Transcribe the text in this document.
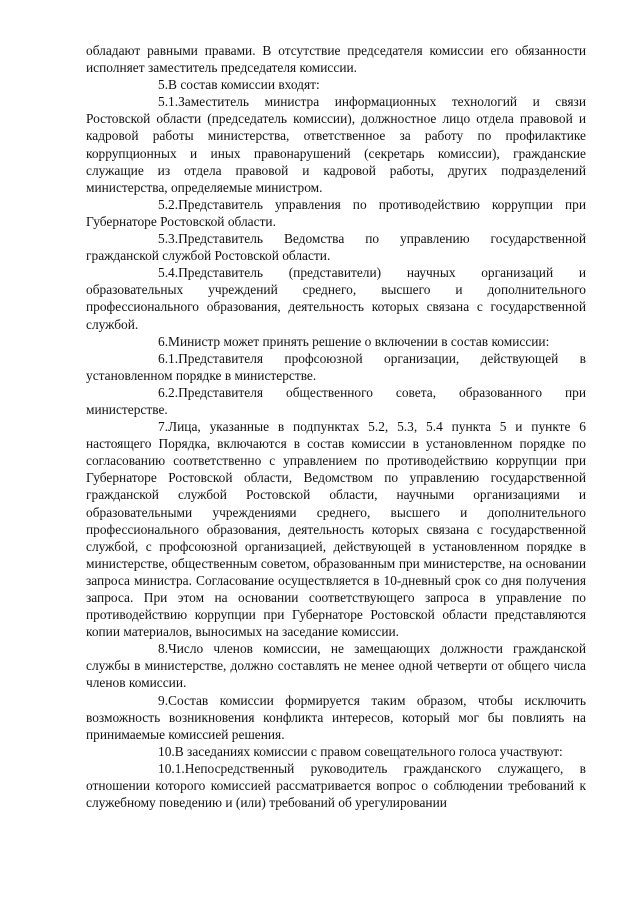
обладают равными правами. В отсутствие председателя комиссии его обязанности исполняет заместитель председателя комиссии.

5.В состав комиссии входят:

5.1.Заместитель министра информационных технологий и связи Ростовской области (председатель комиссии), должностное лицо отдела правовой и кадровой работы министерства, ответственное за работу по профилактике коррупционных и иных правонарушений (секретарь комиссии), гражданские служащие из отдела правовой и кадровой работы, других подразделений министерства, определяемые министром.

5.2.Представитель управления по противодействию коррупции при Губернаторе Ростовской области.

5.3.Представитель Ведомства по управлению государственной гражданской службой Ростовской области.

5.4.Представитель (представители) научных организаций и образовательных учреждений среднего, высшего и дополнительного профессионального образования, деятельность которых связана с государственной службой.

6.Министр может принять решение о включении в состав комиссии:

6.1.Представителя профсоюзной организации, действующей в установленном порядке в министерстве.

6.2.Представителя общественного совета, образованного при министерстве.

7.Лица, указанные в подпунктах 5.2, 5.3, 5.4 пункта 5 и пункте 6 настоящего Порядка, включаются в состав комиссии в установленном порядке по согласованию соответственно с управлением по противодействию коррупции при Губернаторе Ростовской области, Ведомством по управлению государственной гражданской службой Ростовской области, научными организациями и образовательными учреждениями среднего, высшего и дополнительного профессионального образования, деятельность которых связана с государственной службой, с профсоюзной организацией, действующей в установленном порядке в министерстве, общественным советом, образованным при министерстве, на основании запроса министра. Согласование осуществляется в 10-дневный срок со дня получения запроса. При этом на основании соответствующего запроса в управление по противодействию коррупции при Губернаторе Ростовской области представляются копии материалов, выносимых на заседание комиссии.

8.Число членов комиссии, не замещающих должности гражданской службы в министерстве, должно составлять не менее одной четверти от общего числа членов комиссии.

9.Состав комиссии формируется таким образом, чтобы исключить возможность возникновения конфликта интересов, который мог бы повлиять на принимаемые комиссией решения.

10.В заседаниях комиссии с правом совещательного голоса участвуют:

10.1.Непосредственный руководитель гражданского служащего, в отношении которого комиссией рассматривается вопрос о соблюдении требований к служебному поведению и (или) требований об урегулировании
